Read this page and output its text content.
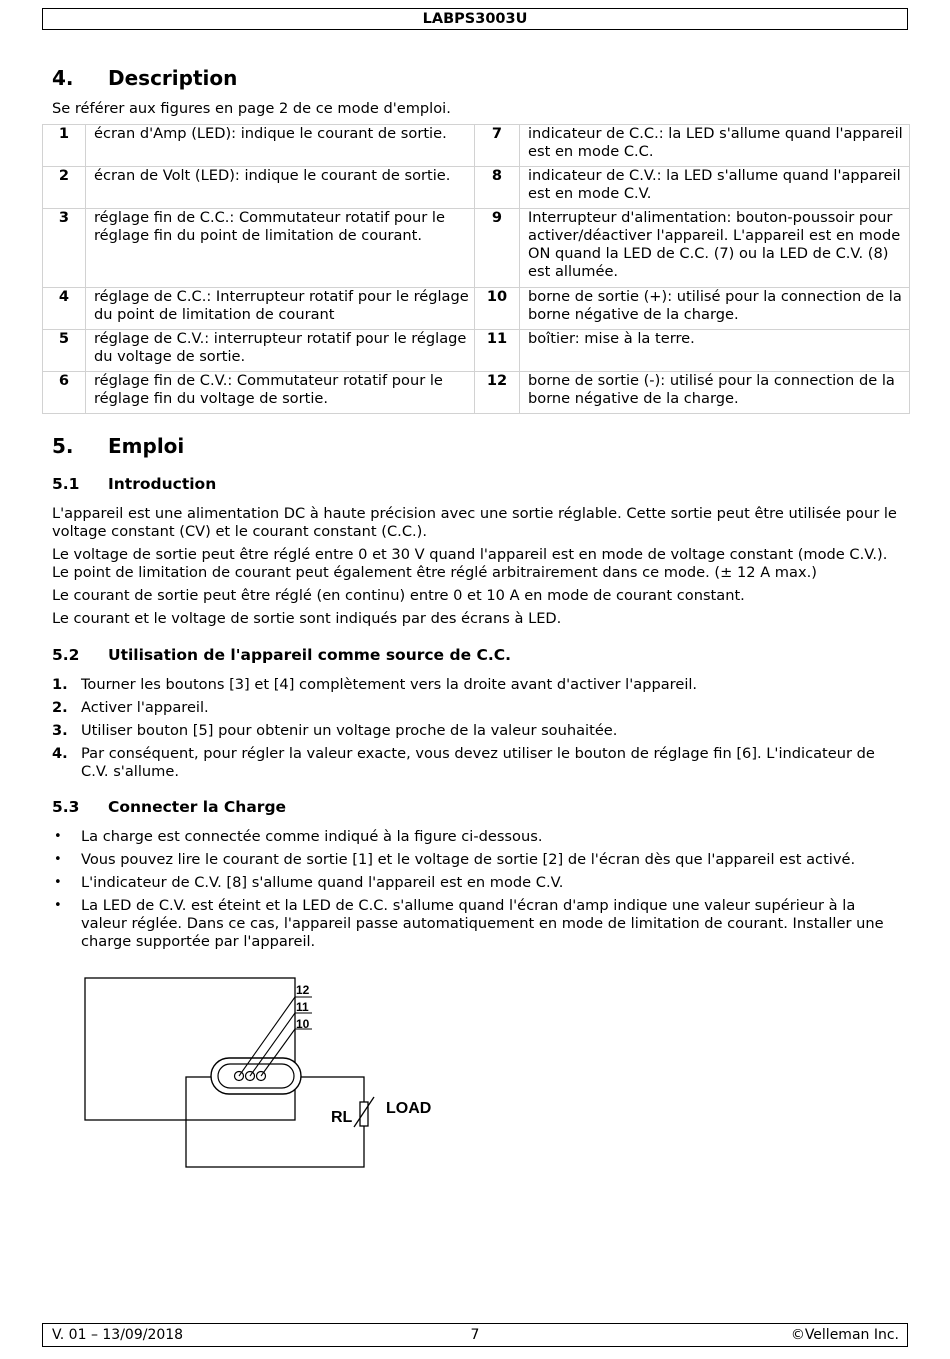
LABPS3003U
4. Description

Se référer aux figures en page 2 de ce mode d'emploi.

1	écran d'Amp (LED): indique le courant de sortie.	7	indicateur de C.C.: la LED s'allume quand l'appareil est en mode C.C.
2	écran de Volt (LED): indique le courant de sortie.	8	indicateur de C.V.: la LED s'allume quand l'appareil est en mode C.V.
3	réglage fin de C.C.: Commutateur rotatif pour le réglage fin du point de limitation de courant.	9	Interrupteur d'alimentation: bouton-poussoir pour activer/déactiver l'appareil. L'appareil est en mode ON quand la LED de C.C. (7) ou la LED de C.V. (8) est allumée.
4	réglage de C.C.: Interrupteur rotatif pour le réglage du point de limitation de courant	10	borne de sortie (+): utilisé pour la connection de la borne négative de la charge.
5	réglage de C.V.: interrupteur rotatif pour le réglage du voltage de sortie.	11	boîtier: mise à la terre.
6	réglage fin de C.V.: Commutateur rotatif pour le réglage fin du voltage de sortie.	12	borne de sortie (-): utilisé pour la connection de la borne négative de la charge.
5. Emploi
5.1 Introduction

L'appareil est une alimentation DC à haute précision avec une sortie réglable. Cette sortie peut être utilisée pour le voltage constant (CV) et le courant constant (C.C.).

Le voltage de sortie peut être réglé entre 0 et 30 V quand l'appareil est en mode de voltage constant (mode C.V.). Le point de limitation de courant peut également être réglé arbitrairement dans ce mode. (± 12 A max.)

Le courant de sortie peut être réglé (en continu) entre 0 et 10 A en mode de courant constant.

Le courant et le voltage de sortie sont indiqués par des écrans à LED.

5.2 Utilisation de l'appareil comme source de C.C.
1. Tourner les boutons [3] et [4] complètement vers la droite avant d'activer l'appareil.
2. Activer l'appareil.
3. Utiliser bouton [5] pour obtenir un voltage proche de la valeur souhaitée.
4. Par conséquent, pour régler la valeur exacte, vous devez utiliser le bouton de réglage fin [6]. L'indicateur de C.V. s'allume.
5.3 Connecter la Charge
• La charge est connectée comme indiqué à la figure ci-dessous.
• Vous pouvez lire le courant de sortie [1] et le voltage de sortie [2] de l'écran dès que l'appareil est activé.
• L'indicateur de C.V. [8] s'allume quand l'appareil est en mode C.V.
• La LED de C.V. est éteint et la LED de C.C. s'allume quand l'écran d'amp indique une valeur supérieur à la valeur réglée. Dans ce cas, l'appareil passe automatiquement en mode de limitation de courant. Installer une charge supportée par l'appareil.
12
11
10
RL
LOAD
V. 01 – 13/09/2018	7	©Velleman Inc.
